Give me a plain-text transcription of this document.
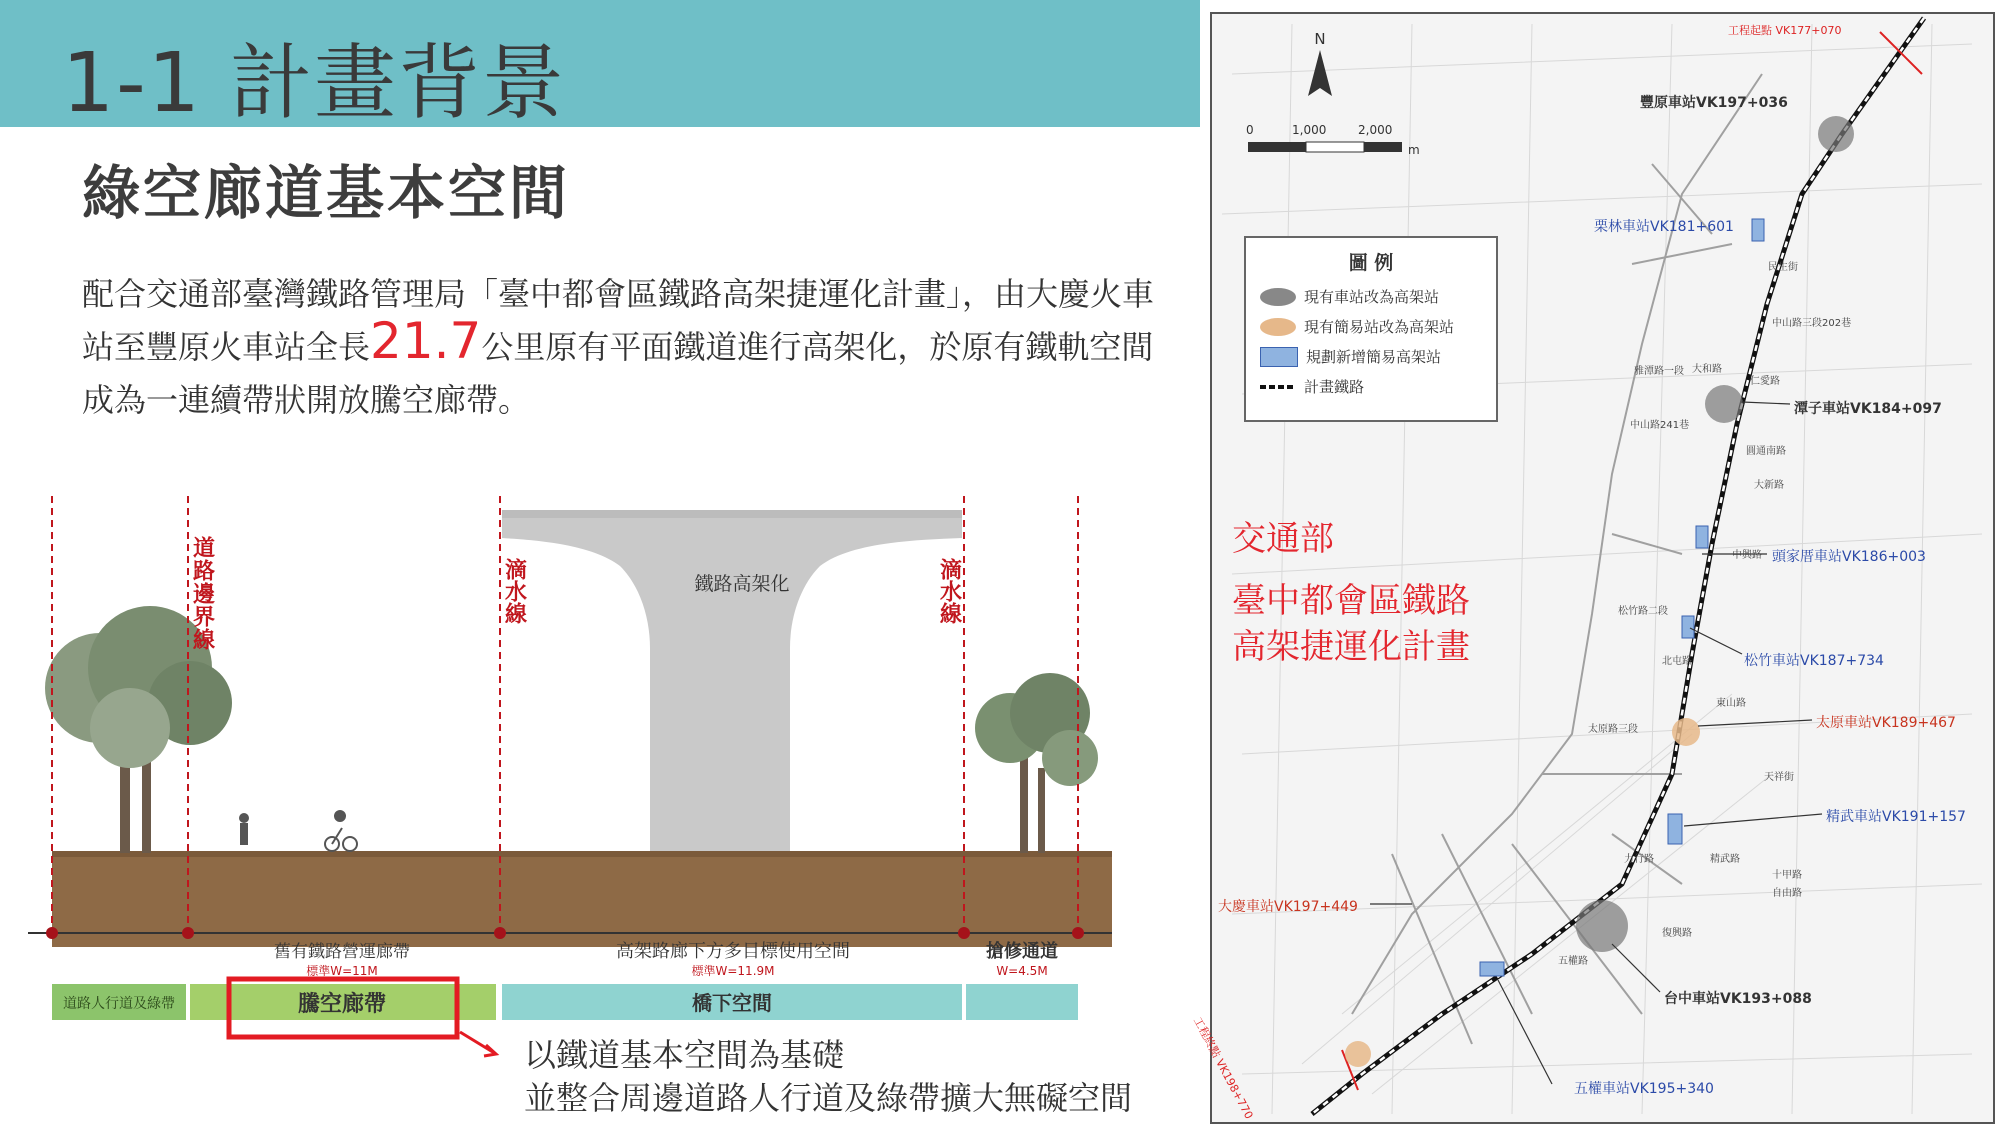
1-1 計畫背景
綠空廊道基本空間
配合交通部臺灣鐵路管理局「臺中都會區鐵路高架捷運化計畫」，由大慶火車站至豐原火車站全長21.7公里原有平面鐵道進行高架化，於原有鐵軌空間成為一連續帶狀開放騰空廊帶。
鐵路高架化
道路邊界線	滴水線	滴水線
舊有鐵路營運廊帶
標準W=11M
高架路廊下方多目標使用空間
標準W=11.9M
搶修通道
W=4.5M
道路人行道及綠帶	橋下空間
騰空廊帶
以鐵道基本空間為基礎
並整合周邊道路人行道及綠帶擴大無礙空間
N
0	1,000	2,000
m
圖 例
現有車站改為高架站
現有簡易站改為高架站
規劃新增簡易高架站
計畫鐵路
交通部
臺中都會區鐵路
高架捷運化計畫
工程起點 VK177+070
工程終點 VK198+770
豐原車站VK197+036
栗林車站VK181+601
潭子車站VK184+097
頭家厝車站VK186+003
松竹車站VK187+734
太原車站VK189+467
精武車站VK191+157
大慶車站VK197+449
台中車站VK193+088
五權車站VK195+340
中山路241巷
雅潭路一段
民生街
仁愛路
大新路
中興路
松竹路二段
北屯路
東山路
太原路三段
天祥街
十甲路
自由路
精武路
力行路
五權路
復興路
大和路
中山路三段202巷
圓通南路
